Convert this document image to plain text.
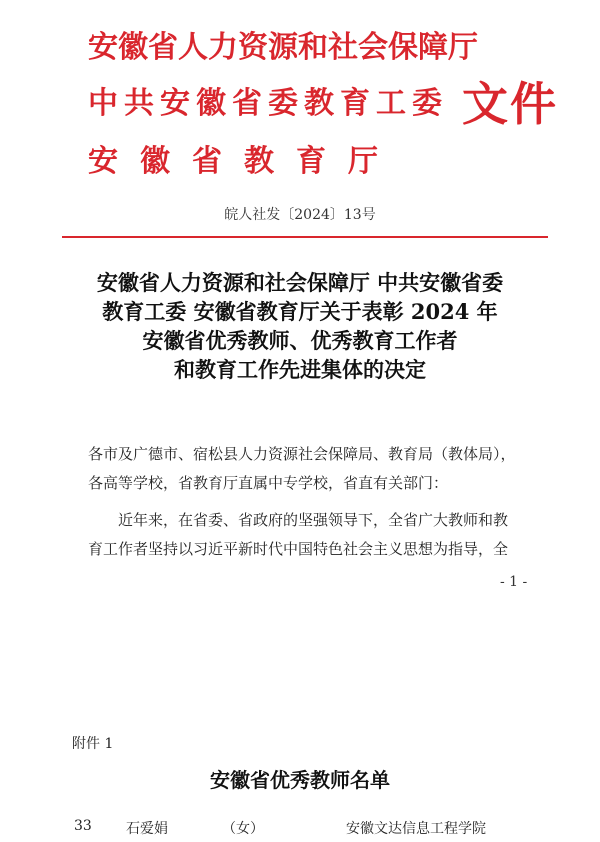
安徽省人力资源和社会保障厅
中共安徽省委教育工委
安徽省教育厅
文件
皖人社发〔2024〕13号
安徽省人力资源和社会保障厅 中共安徽省委
教育工委 安徽省教育厅关于表彰 2024 年
安徽省优秀教师、优秀教育工作者
和教育工作先进集体的决定
各市及广德市、宿松县人力资源社会保障局、教育局（教体局），
各高等学校，省教育厅直属中专学校，省直有关部门：
近年来，在省委、省政府的坚强领导下，全省广大教师和教
育工作者坚持以习近平新时代中国特色社会主义思想为指导，全
- 1 -
附件 1
安徽省优秀教师名单
33 石爱娟	（女）	安徽文达信息工程学院
